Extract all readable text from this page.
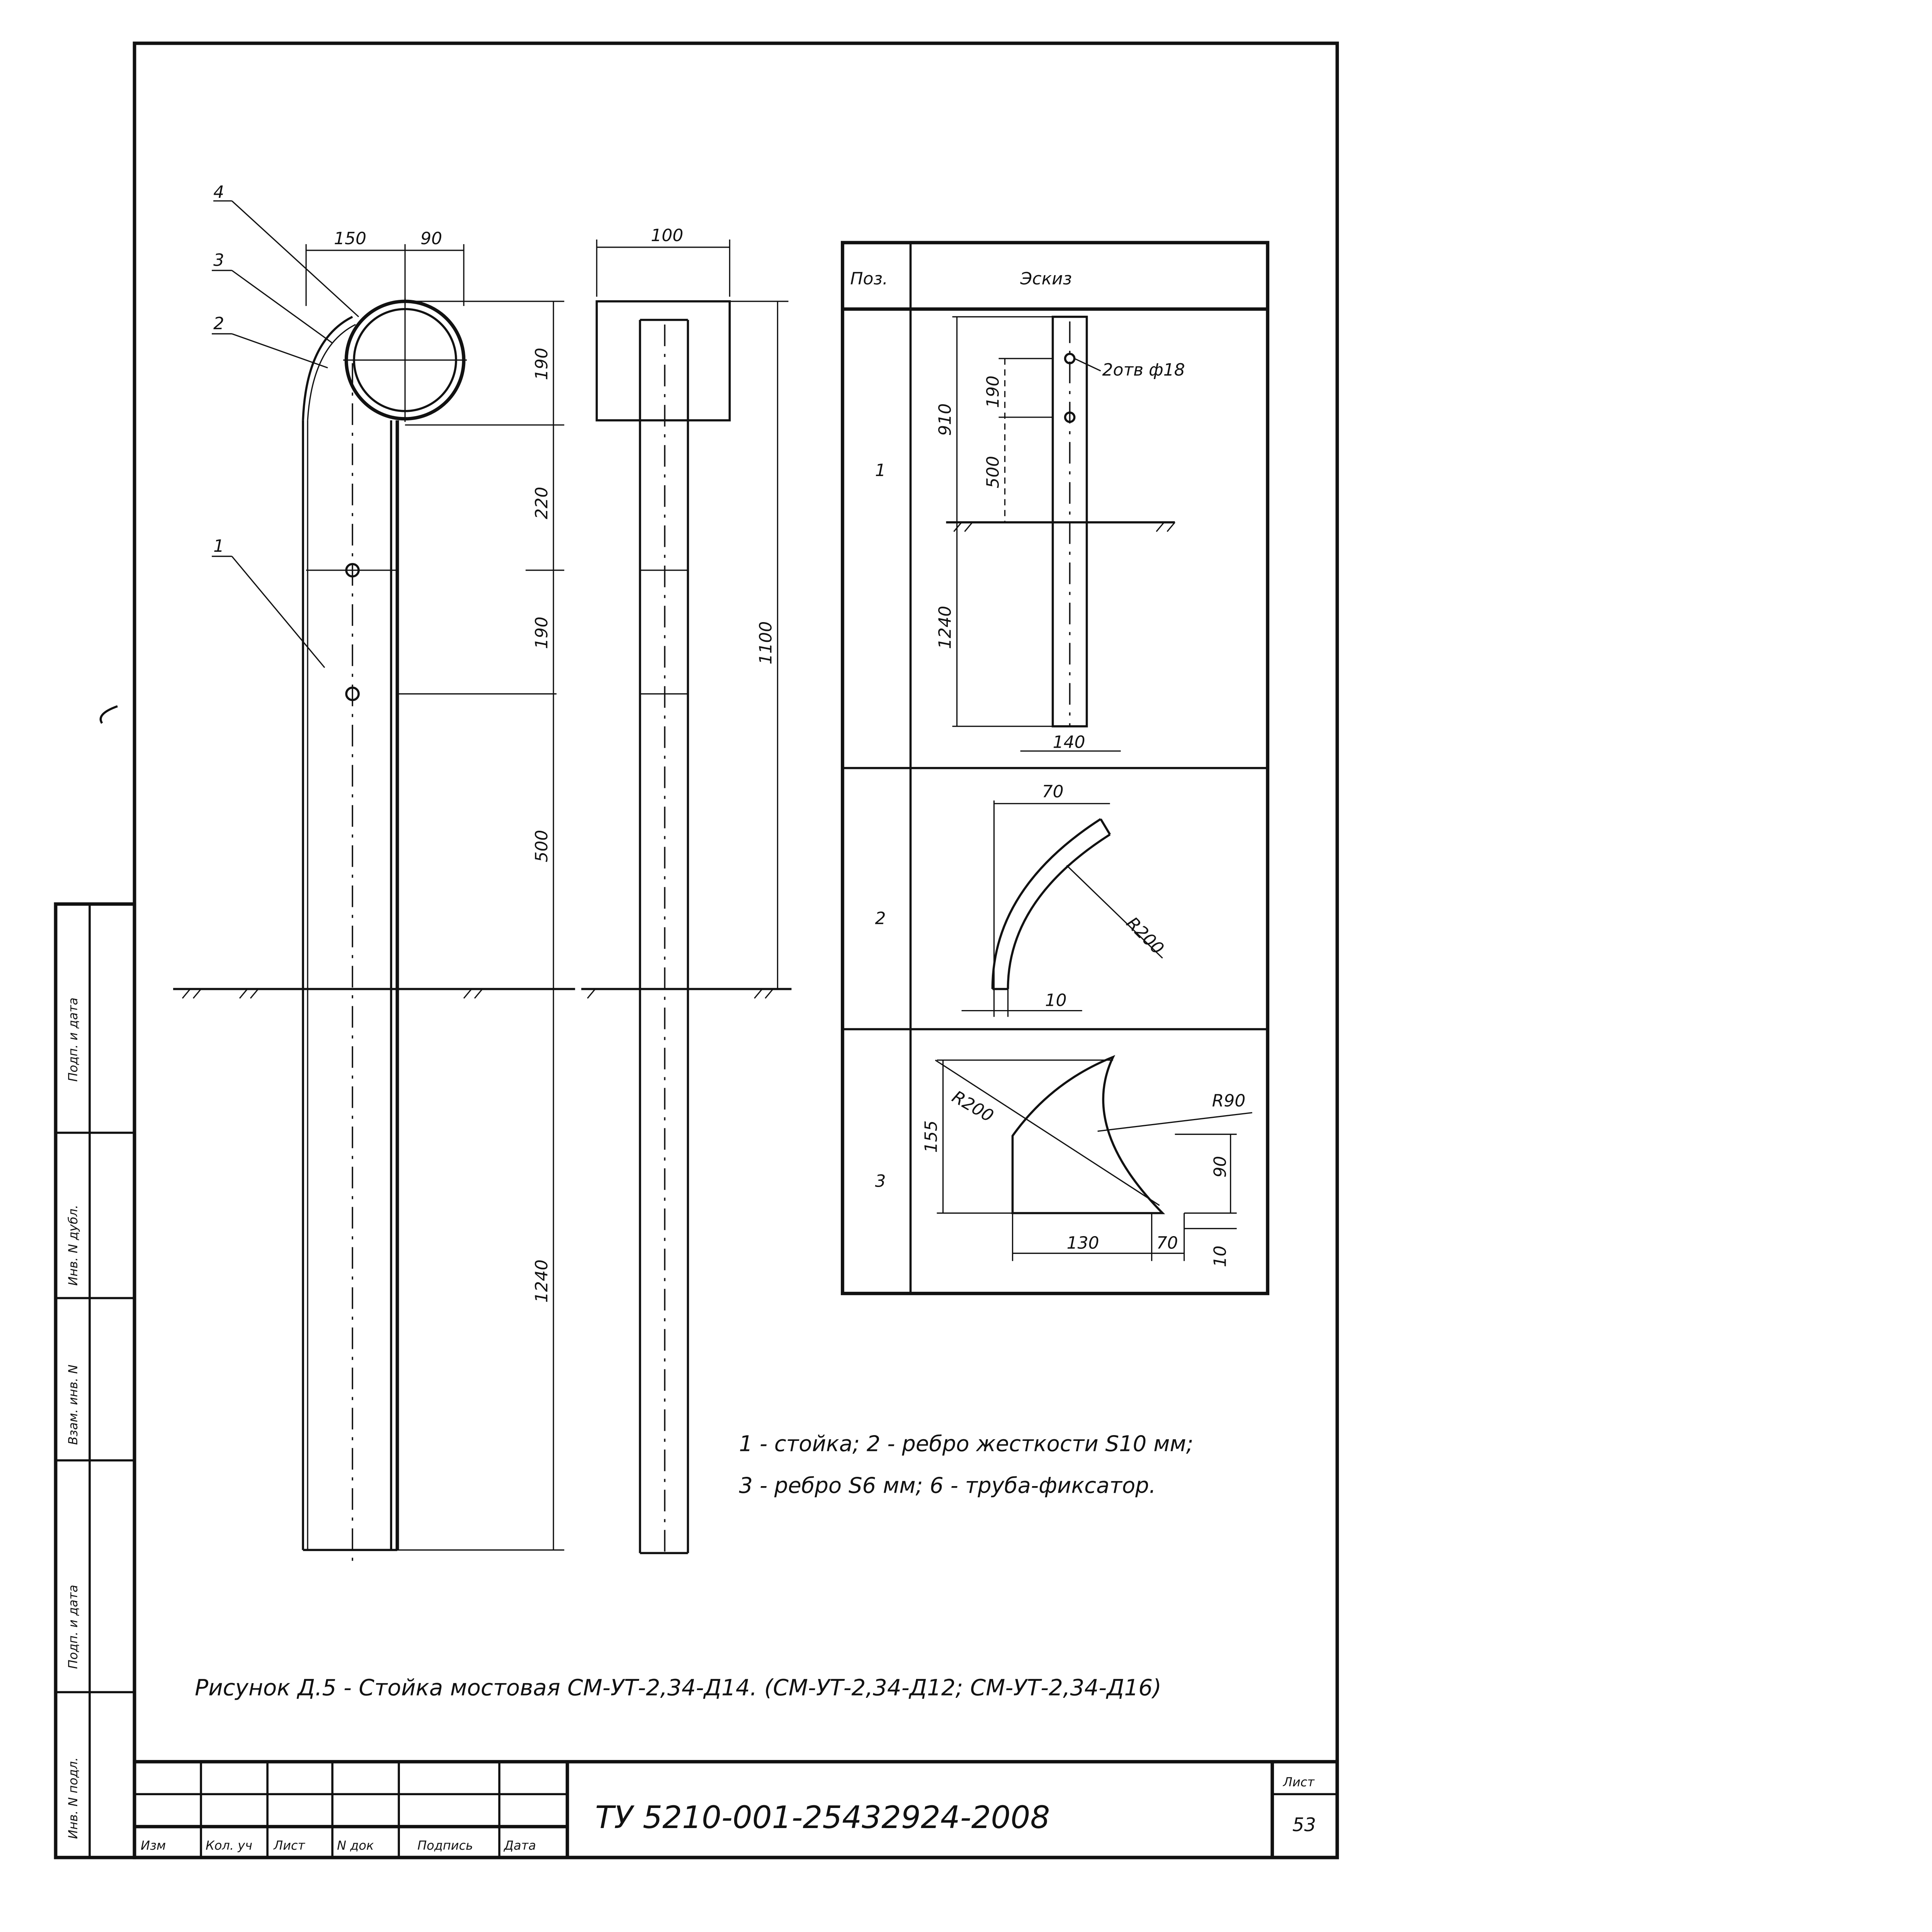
Подп. и дата
Инв. N дубл.
Взам. инв. N
Подп. и дата
Инв. N подл.
4
3
2
1
150	90
190
220
190
500
1240
100
1100
Поз.	Эскиз
1
2
3
2отв ф18
910
1240
190
500
140
70
R200
10
R200	R90
155
90
130	70
10
1 - стойка; 2 - ребро жесткости S10 мм;
3 - ребро S6 мм; 6 - труба-фиксатор.
Рисунок Д.5 - Стойка мостовая СМ-УТ-2,34-Д14. (СМ-УТ-2,34-Д12; СМ-УТ-2,34-Д16)
Изм	Кол. уч	Лист	N док	Подпись	Дата
ТУ 5210-001-25432924-2008
Лист
53
